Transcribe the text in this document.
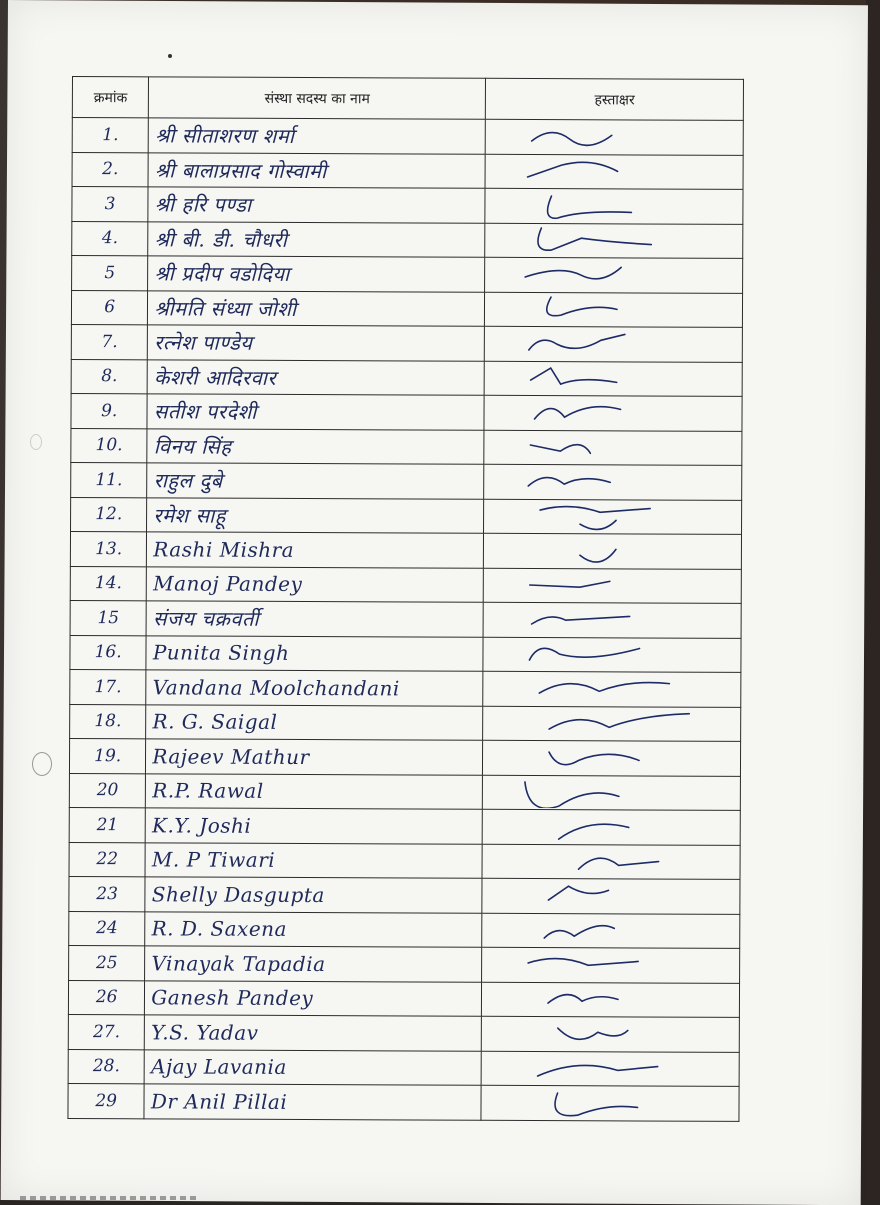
क्रमांक	संस्था सदस्य का नाम	हस्ताक्षर
1.	श्री सीताशरण शर्मा	

2.	श्री बालाप्रसाद गोस्वामी	

3	श्री हरि पण्डा	

4.	श्री बी. डी. चौधरी	

5	श्री प्रदीप वडोदिया	

6	श्रीमति संध्या जोशी	

7.	रत्नेश पाण्डेय	

8.	केशरी आदिरवार	

9.	सतीश परदेशी	

10.	विनय सिंह	

11.	राहुल दुबे	

12.	रमेश साहू	

13.	Rashi Mishra	

14.	Manoj Pandey	

15	संजय चक्रवर्ती	

16.	Punita Singh	

17.	Vandana Moolchandani	

18.	R. G. Saigal	

19.	Rajeev Mathur	

20	R.P. Rawal	

21	K.Y. Joshi	

22	M. P Tiwari	

23	Shelly Dasgupta	

24	R. D. Saxena	

25	Vinayak Tapadia	

26	Ganesh Pandey	

27.	Y.S. Yadav	

28.	Ajay Lavania	

29	Dr Anil Pillai	
